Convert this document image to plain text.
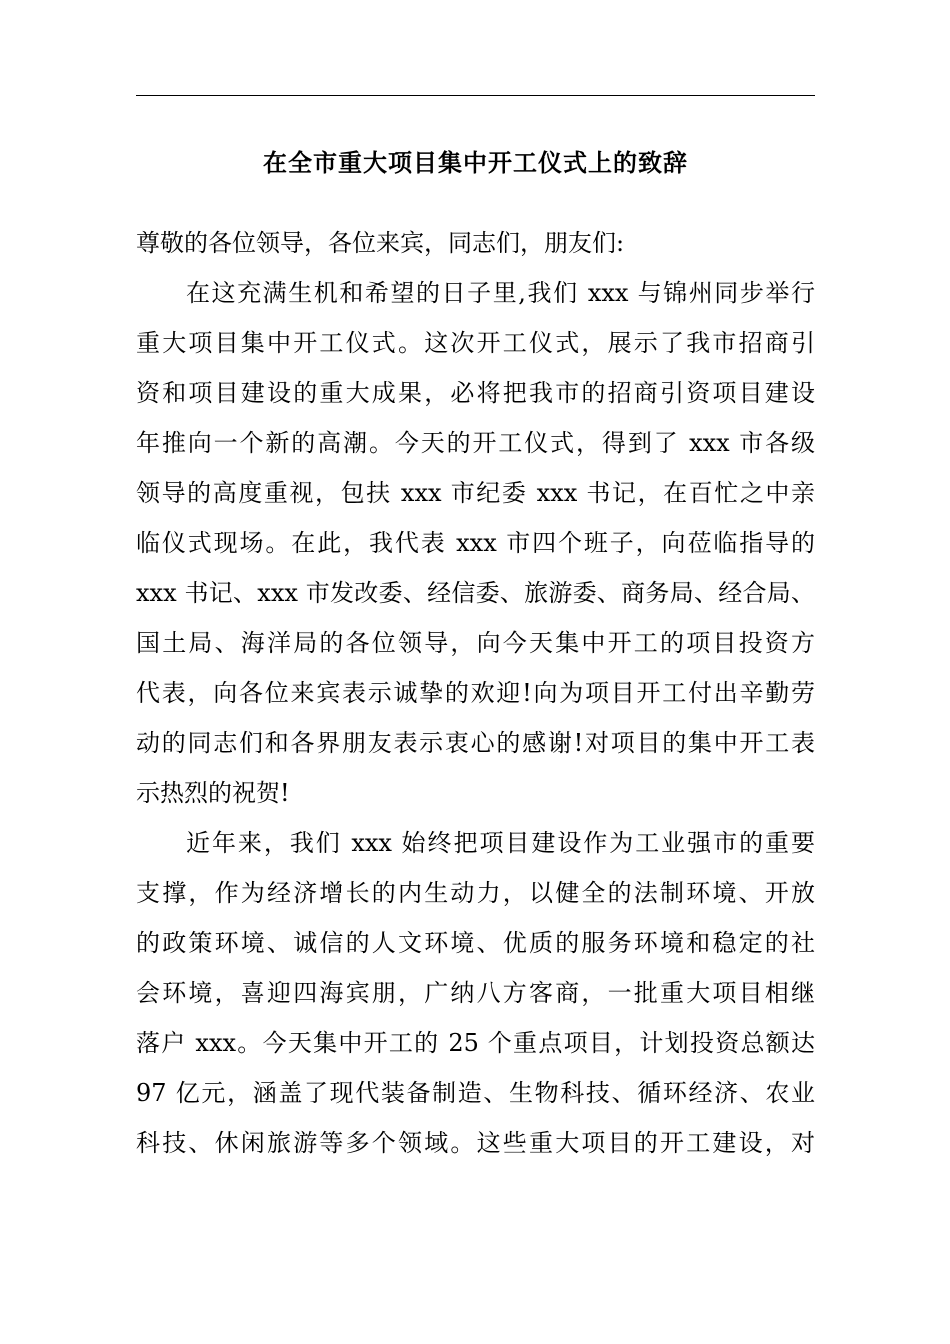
在全市重大项目集中开工仪式上的致辞
尊敬的各位领导，各位来宾，同志们，朋友们:
在这充满生机和希望的日子里,我们 xxx 与锦州同步举行
重大项目集中开工仪式。这次开工仪式，展示了我市招商引
资和项目建设的重大成果，必将把我市的招商引资项目建设
年推向一个新的高潮。今天的开工仪式，得到了 xxx 市各级
领导的高度重视，包扶 xxx 市纪委 xxx 书记，在百忙之中亲
临仪式现场。在此，我代表 xxx 市四个班子，向莅临指导的
xxx 书记、xxx 市发改委、经信委、旅游委、商务局、经合局、
国土局、海洋局的各位领导，向今天集中开工的项目投资方
代表，向各位来宾表示诚挚的欢迎!向为项目开工付出辛勤劳
动的同志们和各界朋友表示衷心的感谢!对项目的集中开工表
示热烈的祝贺!
近年来，我们 xxx 始终把项目建设作为工业强市的重要
支撑，作为经济增长的内生动力，以健全的法制环境、开放
的政策环境、诚信的人文环境、优质的服务环境和稳定的社
会环境，喜迎四海宾朋，广纳八方客商，一批重大项目相继
落户 xxx。今天集中开工的 25 个重点项目，计划投资总额达
97 亿元，涵盖了现代装备制造、生物科技、循环经济、农业
科技、休闲旅游等多个领域。这些重大项目的开工建设，对
